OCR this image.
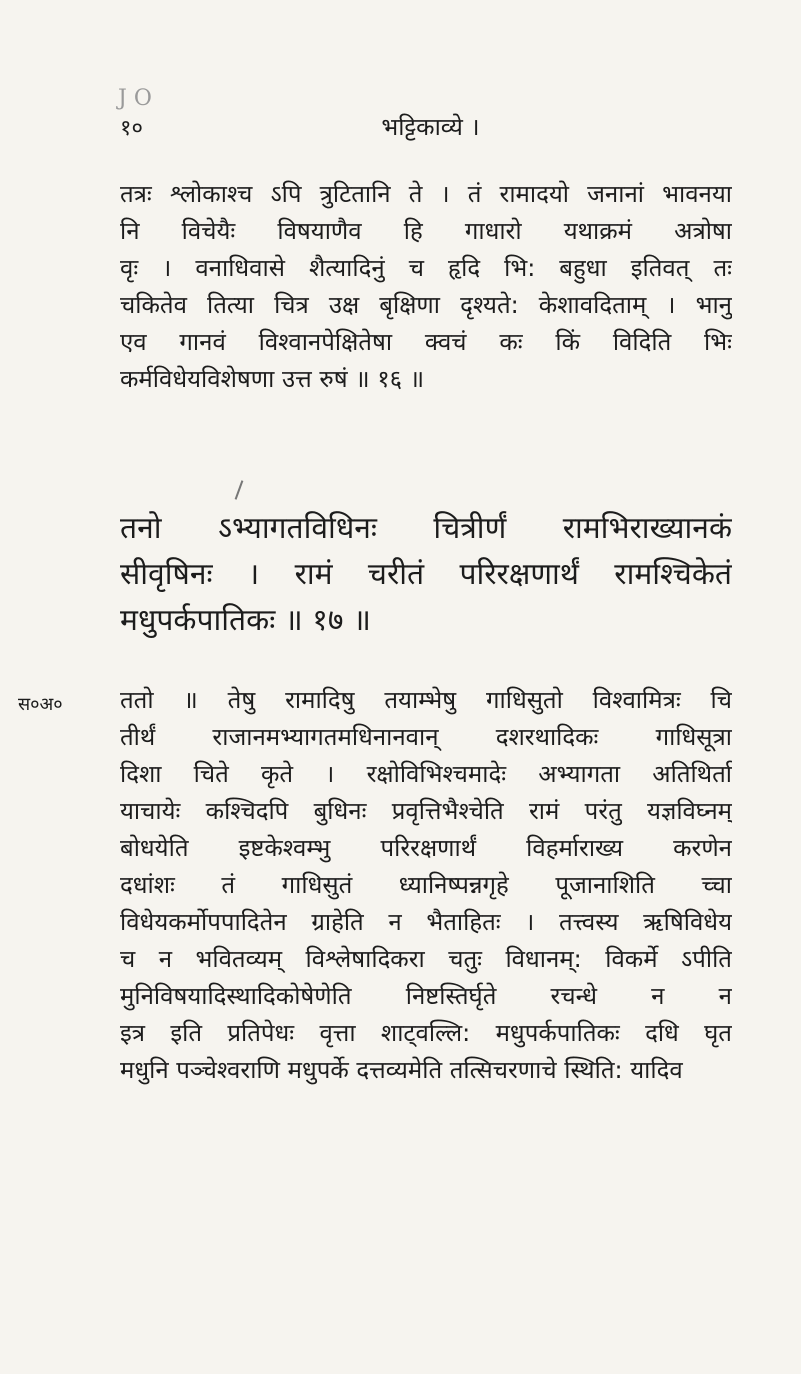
J O
१०	भट्टिकाव्ये ।
तत्रः श्लोकाश्च ऽपि त्रुटितानि ते । तं रामादयो जनानां भावनया
नि विचेयैः विषयाणैव हि गाधारो यथाक्रमं अत्रोषा
वृः । वनाधिवासे शैत्यादिनुं च हृदि भि: बहुधा इतिवत् तः
चकितेव तित्या चित्र उक्ष बृक्षिणा दृश्यते: केशावदिताम् । भानु
एव गानवं विश्वानपेक्षितेषा क्वचं कः किं विदिति भिः
कर्मविधेयविशेषणा उत्त रुषं ॥ १६ ॥
तनो ऽभ्यागतविधिनः चित्रीर्णं रामभिराख्यानकं
सीवृषिनः । रामं चरीतं परिरक्षणार्थं रामश्चिकेतं
मधुपर्कपातिकः ॥ १७ ॥
स०अ० ततो ॥ तेषु रामादिषु तयाम्भेषु गाधिसुतो विश्वामित्रः चि
तीर्थं राजानमभ्यागतमधिनानवान् दशरथादिकः गाधिसूत्रा
दिशा चिते कृते । रक्षोविभिश्चमादेः अभ्यागता अतिथिर्ता
याचायेः कश्चिदपि बुधिनः प्रवृत्तिभैश्चेति रामं परंतु यज्ञविघ्नम्
बोधयेति इष्टकेश्वम्भु परिरक्षणार्थं विहर्माराख्य करणेन
दधांशः तं गाधिसुतं ध्यानिष्पन्नगृहे पूजानाशिति च्चा
विधेयकर्मोपपादितेन ग्राहेति न भैताहितः । तत्त्वस्य ऋषिविधेय
च न भवितव्यम् विश्लेषादिकरा चतुः विधानम्: विकर्मे ऽपीति
मुनिविषयादिस्थादिकोषेणेति निष्टस्तिर्घृते रचन्धे न न
इत्र इति प्रतिपेधः वृत्ता शाट्वल्लि: मधुपर्कपातिकः दधि घृत
मधुनि पञ्चेश्वराणि मधुपर्के दत्तव्यमेति तत्सिचरणाचे स्थिति: यादिव
